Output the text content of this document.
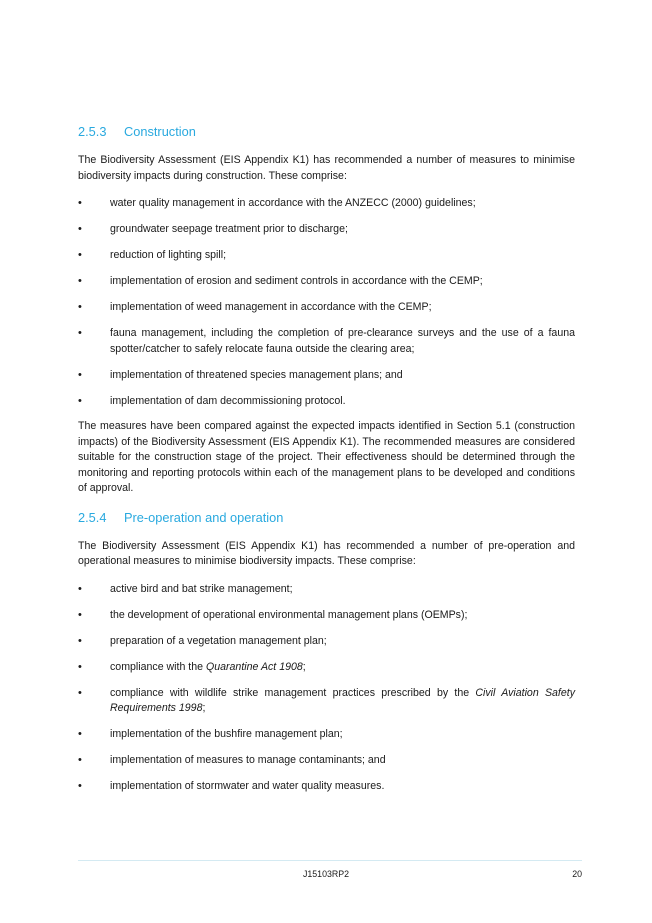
2.5.3	Construction

The Biodiversity Assessment (EIS Appendix K1) has recommended a number of measures to minimise biodiversity impacts during construction. These comprise:

• water quality management in accordance with the ANZECC (2000) guidelines;
• groundwater seepage treatment prior to discharge;
• reduction of lighting spill;
• implementation of erosion and sediment controls in accordance with the CEMP;
• implementation of weed management in accordance with the CEMP;
• fauna management, including the completion of pre-clearance surveys and the use of a fauna spotter/catcher to safely relocate fauna outside the clearing area;
• implementation of threatened species management plans; and
• implementation of dam decommissioning protocol.

The measures have been compared against the expected impacts identified in Section 5.1 (construction impacts) of the Biodiversity Assessment (EIS Appendix K1). The recommended measures are considered suitable for the construction stage of the project. Their effectiveness should be determined through the monitoring and reporting protocols within each of the management plans to be developed and conditions of approval.

2.5.4	Pre-operation and operation

The Biodiversity Assessment (EIS Appendix K1) has recommended a number of pre-operation and operational measures to minimise biodiversity impacts. These comprise:

• active bird and bat strike management;
• the development of operational environmental management plans (OEMPs);
• preparation of a vegetation management plan;
• compliance with the Quarantine Act 1908;
• compliance with wildlife strike management practices prescribed by the Civil Aviation Safety Requirements 1998;
• implementation of the bushfire management plan;
• implementation of measures to manage contaminants; and
• implementation of stormwater and water quality measures.
J15103RP2	20
